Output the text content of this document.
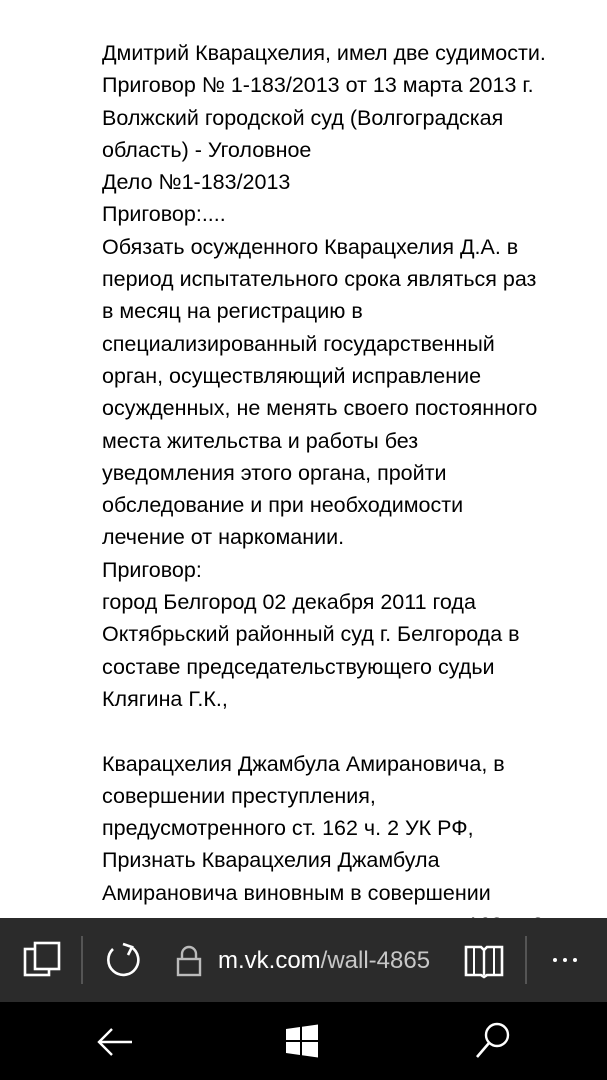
Дмитрий Кварацхелия, имел две судимости.
Приговор № 1-183/2013 от 13 марта 2013 г.
Волжский городской суд (Волгоградская
область) - Уголовное
Дело №1-183/2013
Приговор:....
Обязать осужденного Кварацхелия Д.А. в
период испытательного срока являться раз
в месяц на регистрацию в
специализированный государственный
орган, осуществляющий исправление
осужденных, не менять своего постоянного
места жительства и работы без
уведомления этого органа, пройти
обследование и при необходимости
лечение от наркомании.
Приговор:
город Белгород 02 декабря 2011 года
Октябрьский районный суд г. Белгорода в
составе председательствующего судьи
Клягина Г.К.,
Кварацхелия Джамбула Амирановича, в
совершении преступления,
предусмотренного ст. 162 ч. 2 УК РФ,
Признать Кварацхелия Джамбула
Амирановича виновным в совершении
m.vk.com/wall-4865
